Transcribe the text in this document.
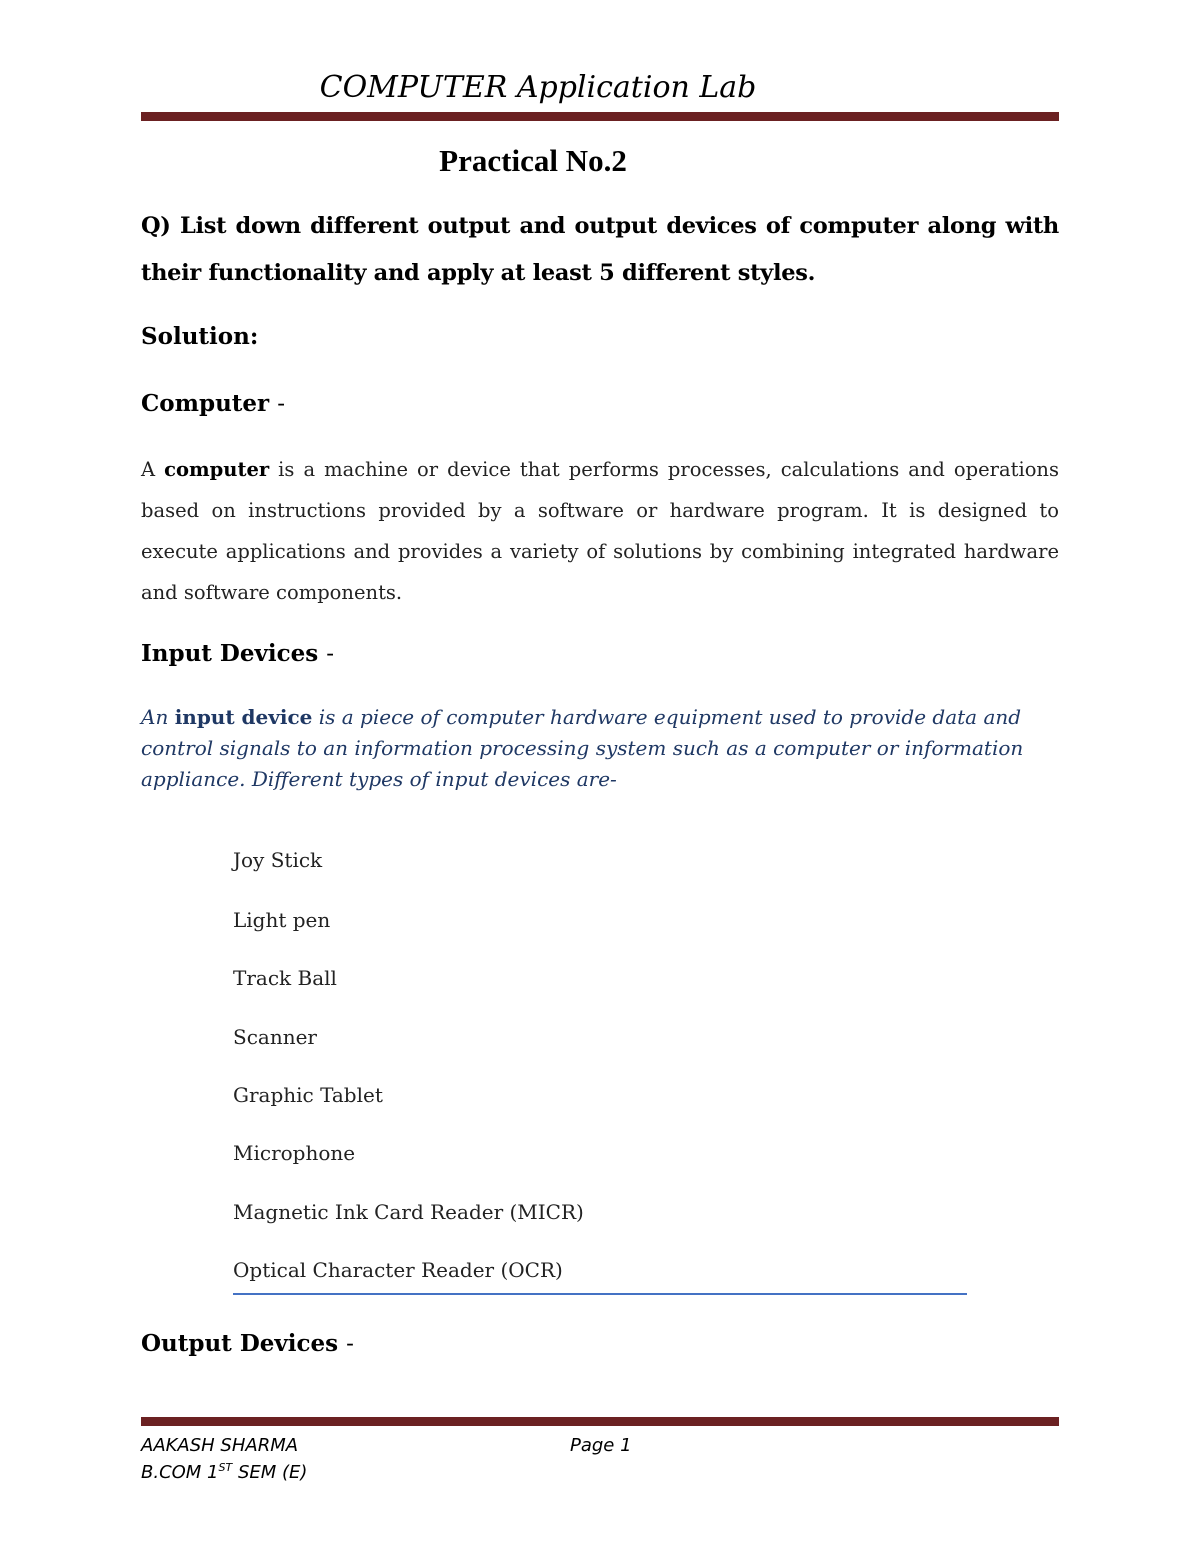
COMPUTER Application Lab
Practical No.2
Q) List down different output and output devices of computer along with their functionality and apply at least 5 different styles.
Solution:
Computer -
A computer is a machine or device that performs processes, calculations and operations based on instructions provided by a software or hardware program. It is designed to execute applications and provides a variety of solutions by combining integrated hardware and software components.
Input Devices -
An input device is a piece of computer hardware equipment used to provide data and control signals to an information processing system such as a computer or information appliance. Different types of input devices are-
Joy Stick
Light pen
Track Ball
Scanner
Graphic Tablet
Microphone
Magnetic Ink Card Reader (MICR)
Optical Character Reader (OCR)
Output Devices -
AAKASH SHARMA	Page 1
B.COM 1ST SEM (E)
